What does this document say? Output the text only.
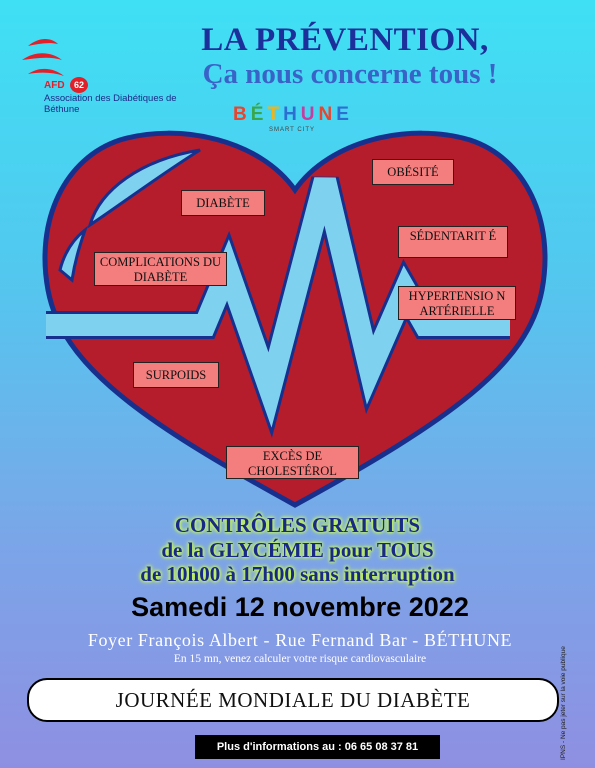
AFD	62
Association des Diabétiques de Béthune
LA PRÉVENTION,
Ça nous concerne tous !
BÉTHUNE
SMART CITY
OBÉSITÉ
DIABÈTE
SÉDENTARIT É
COMPLICATIONS DU DIABÈTE
HYPERTENSIO N ARTÉRIELLE
SURPOIDS
EXCÈS DE CHOLESTÉROL
CONTRÔLES GRATUITS
de la GLYCÉMIE pour TOUS
de 10h00 à 17h00 sans interruption
Samedi 12 novembre 2022
Foyer François Albert - Rue Fernand Bar - BÉTHUNE
En 15 mn, venez calculer votre risque cardiovasculaire
JOURNÉE MONDIALE DU DIABÈTE
Plus d'informations au : 06 65 08 37 81	IPNS - Ne pas jeter sur la voie publique
